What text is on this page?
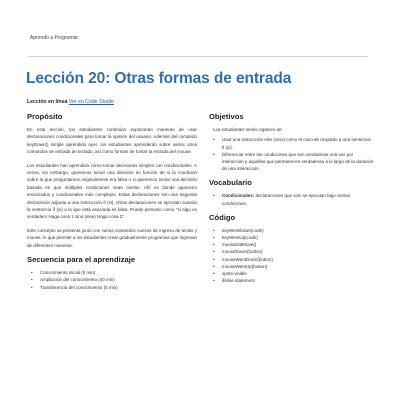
Aprendo a Programar
Lección 20: Otras formas de entrada
Lección en línea Ver en Code Studio
Propósito

En esta lección, los estudiantes continúan explorando maneras de usar declaraciones condicionales para tomar la opinión del usuario. Además del comando keyDown() simple aprendido ayer, los estudiantes aprenderán sobre varios otros comandos de entrada de teclado, así como formas de tomar la entrada del mouse.

Los estudiantes han aprendido cómo tomar decisiones simples con condicionales. A veces, sin embargo, queremos tomar una decisión en función de si la condición sobre la que preguntamos originalmente era falsa o si queremos tomar una decisión basada en que múltiples condiciones sean ciertas. Ahí es donde aparecen enunciados y condicionales más complejos. Estas declaraciones son una segunda declaración adjunta a una instrucción if (si). Otras declaraciones se ejecutan cuando la sentencia if (si) a la que está asociada es falsa. Puede pensarlo como "si algo es verdadero Haga cosa 1 sino (else) Haga cosa 2".

Este concepto se presenta junto con varios comandos nuevos de ingreso de teclas y mouse, lo que permite a los estudiantes crear gradualmente programas que ingresan de diferentes maneras.

Secuencia para el aprendizaje
• Conocimiento inicial (5 min)
• Ampliación del conocimiento (40 min)
• Transferencia del conocimiento (5 min)
Objetivos

Los estudiantes serán capaces de:

• Usar una instrucción else (sino) como el caso de respaldo a una sentencia if (si).
• Diferenciar entre las condiciones que son verdaderas una vez por interacción y aquellas que permanecen verdaderas a lo largo de la duración de una interacción.
Vocabulario
• Condicionales: declaraciones que solo se ejecutan bajo ciertas condiciones.
Código
• keyWentDown(code)
• keyWentUp(code)
• mouseDidMove()
• mouseDown(button)
• mouseWentDown(button)
• mouseWentUp(button)
• sprite.visible
• if/else statement
